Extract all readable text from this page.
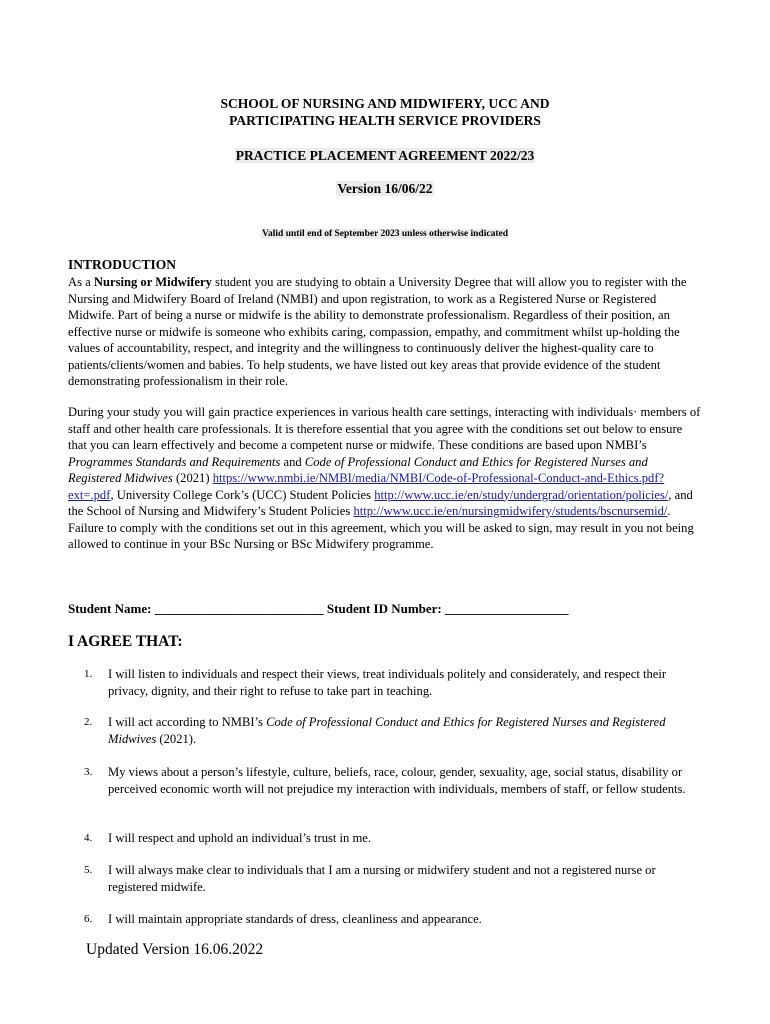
SCHOOL OF NURSING AND MIDWIFERY, UCC AND
PARTICIPATING HEALTH SERVICE PROVIDERS
PRACTICE PLACEMENT AGREEMENT 2022/23
Version 16/06/22
Valid until end of September 2023 unless otherwise indicated
INTRODUCTION
As a Nursing or Midwifery student you are studying to obtain a University Degree that will allow you to register with the Nursing and Midwifery Board of Ireland (NMBI) and upon registration, to work as a Registered Nurse or Registered Midwife. Part of being a nurse or midwife is the ability to demonstrate professionalism. Regardless of their position, an effective nurse or midwife is someone who exhibits caring, compassion, empathy, and commitment whilst up-holding the values of accountability, respect, and integrity and the willingness to continuously deliver the highest-quality care to patients/clients/women and babies. To help students, we have listed out key areas that provide evidence of the student demonstrating professionalism in their role.
During your study you will gain practice experiences in various health care settings, interacting with individuals· members of staff and other health care professionals. It is therefore essential that you agree with the conditions set out below to ensure that you can learn effectively and become a competent nurse or midwife. These conditions are based upon NMBI’s Programmes Standards and Requirements and Code of Professional Conduct and Ethics for Registered Nurses and Registered Midwives (2021) https://www.nmbi.ie/NMBI/media/NMBI/Code-of-Professional-Conduct-and-Ethics.pdf?ext=.pdf, University College Cork’s (UCC) Student Policies http://www.ucc.ie/en/study/undergrad/orientation/policies/, and the School of Nursing and Midwifery’s Student Policies http://www.ucc.ie/en/nursingmidwifery/students/bscnursemid/. Failure to comply with the conditions set out in this agreement, which you will be asked to sign, may result in you not being allowed to continue in your BSc Nursing or BSc Midwifery programme.
Student Name: __________________________ Student ID Number: ___________________
I AGREE THAT:
1. I will listen to individuals and respect their views, treat individuals politely and considerately, and respect their privacy, dignity, and their right to refuse to take part in teaching.
2. I will act according to NMBI’s Code of Professional Conduct and Ethics for Registered Nurses and Registered Midwives (2021).
3. My views about a person’s lifestyle, culture, beliefs, race, colour, gender, sexuality, age, social status, disability or perceived economic worth will not prejudice my interaction with individuals, members of staff, or fellow students.
4. I will respect and uphold an individual’s trust in me.
5. I will always make clear to individuals that I am a nursing or midwifery student and not a registered nurse or registered midwife.
6. I will maintain appropriate standards of dress, cleanliness and appearance.
Updated Version 16.06.2022
